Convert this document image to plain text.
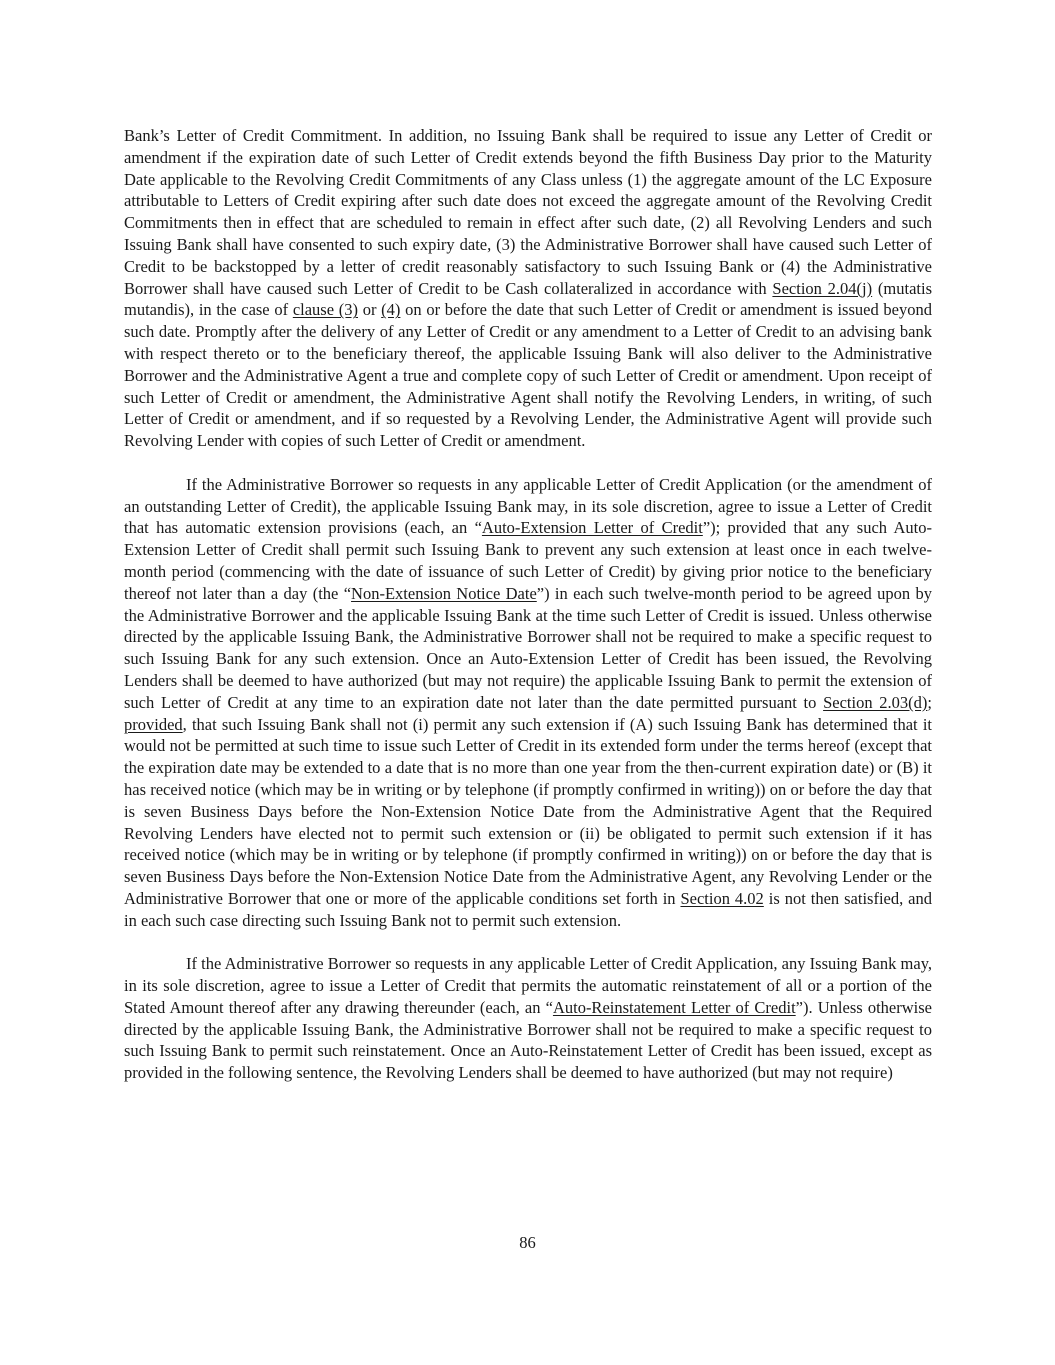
Bank’s Letter of Credit Commitment. In addition, no Issuing Bank shall be required to issue any Letter of Credit or amendment if the expiration date of such Letter of Credit extends beyond the fifth Business Day prior to the Maturity Date applicable to the Revolving Credit Commitments of any Class unless (1) the aggregate amount of the LC Exposure attributable to Letters of Credit expiring after such date does not exceed the aggregate amount of the Revolving Credit Commitments then in effect that are scheduled to remain in effect after such date, (2) all Revolving Lenders and such Issuing Bank shall have consented to such expiry date, (3) the Administrative Borrower shall have caused such Letter of Credit to be backstopped by a letter of credit reasonably satisfactory to such Issuing Bank or (4) the Administrative Borrower shall have caused such Letter of Credit to be Cash collateralized in accordance with Section 2.04(j) (mutatis mutandis), in the case of clause (3) or (4) on or before the date that such Letter of Credit or amendment is issued beyond such date. Promptly after the delivery of any Letter of Credit or any amendment to a Letter of Credit to an advising bank with respect thereto or to the beneficiary thereof, the applicable Issuing Bank will also deliver to the Administrative Borrower and the Administrative Agent a true and complete copy of such Letter of Credit or amendment. Upon receipt of such Letter of Credit or amendment, the Administrative Agent shall notify the Revolving Lenders, in writing, of such Letter of Credit or amendment, and if so requested by a Revolving Lender, the Administrative Agent will provide such Revolving Lender with copies of such Letter of Credit or amendment.

If the Administrative Borrower so requests in any applicable Letter of Credit Application (or the amendment of an outstanding Letter of Credit), the applicable Issuing Bank may, in its sole discretion, agree to issue a Letter of Credit that has automatic extension provisions (each, an “Auto-Extension Letter of Credit”); provided that any such Auto-Extension Letter of Credit shall permit such Issuing Bank to prevent any such extension at least once in each twelve-month period (commencing with the date of issuance of such Letter of Credit) by giving prior notice to the beneficiary thereof not later than a day (the “Non-Extension Notice Date”) in each such twelve-month period to be agreed upon by the Administrative Borrower and the applicable Issuing Bank at the time such Letter of Credit is issued. Unless otherwise directed by the applicable Issuing Bank, the Administrative Borrower shall not be required to make a specific request to such Issuing Bank for any such extension. Once an Auto-Extension Letter of Credit has been issued, the Revolving Lenders shall be deemed to have authorized (but may not require) the applicable Issuing Bank to permit the extension of such Letter of Credit at any time to an expiration date not later than the date permitted pursuant to Section 2.03(d); provided, that such Issuing Bank shall not (i) permit any such extension if (A) such Issuing Bank has determined that it would not be permitted at such time to issue such Letter of Credit in its extended form under the terms hereof (except that the expiration date may be extended to a date that is no more than one year from the then-current expiration date) or (B) it has received notice (which may be in writing or by telephone (if promptly confirmed in writing)) on or before the day that is seven Business Days before the Non-Extension Notice Date from the Administrative Agent that the Required Revolving Lenders have elected not to permit such extension or (ii) be obligated to permit such extension if it has received notice (which may be in writing or by telephone (if promptly confirmed in writing)) on or before the day that is seven Business Days before the Non-Extension Notice Date from the Administrative Agent, any Revolving Lender or the Administrative Borrower that one or more of the applicable conditions set forth in Section 4.02 is not then satisfied, and in each such case directing such Issuing Bank not to permit such extension.

If the Administrative Borrower so requests in any applicable Letter of Credit Application, any Issuing Bank may, in its sole discretion, agree to issue a Letter of Credit that permits the automatic reinstatement of all or a portion of the Stated Amount thereof after any drawing thereunder (each, an “Auto-Reinstatement Letter of Credit”). Unless otherwise directed by the applicable Issuing Bank, the Administrative Borrower shall not be required to make a specific request to such Issuing Bank to permit such reinstatement. Once an Auto-Reinstatement Letter of Credit has been issued, except as provided in the following sentence, the Revolving Lenders shall be deemed to have authorized (but may not require)

86
